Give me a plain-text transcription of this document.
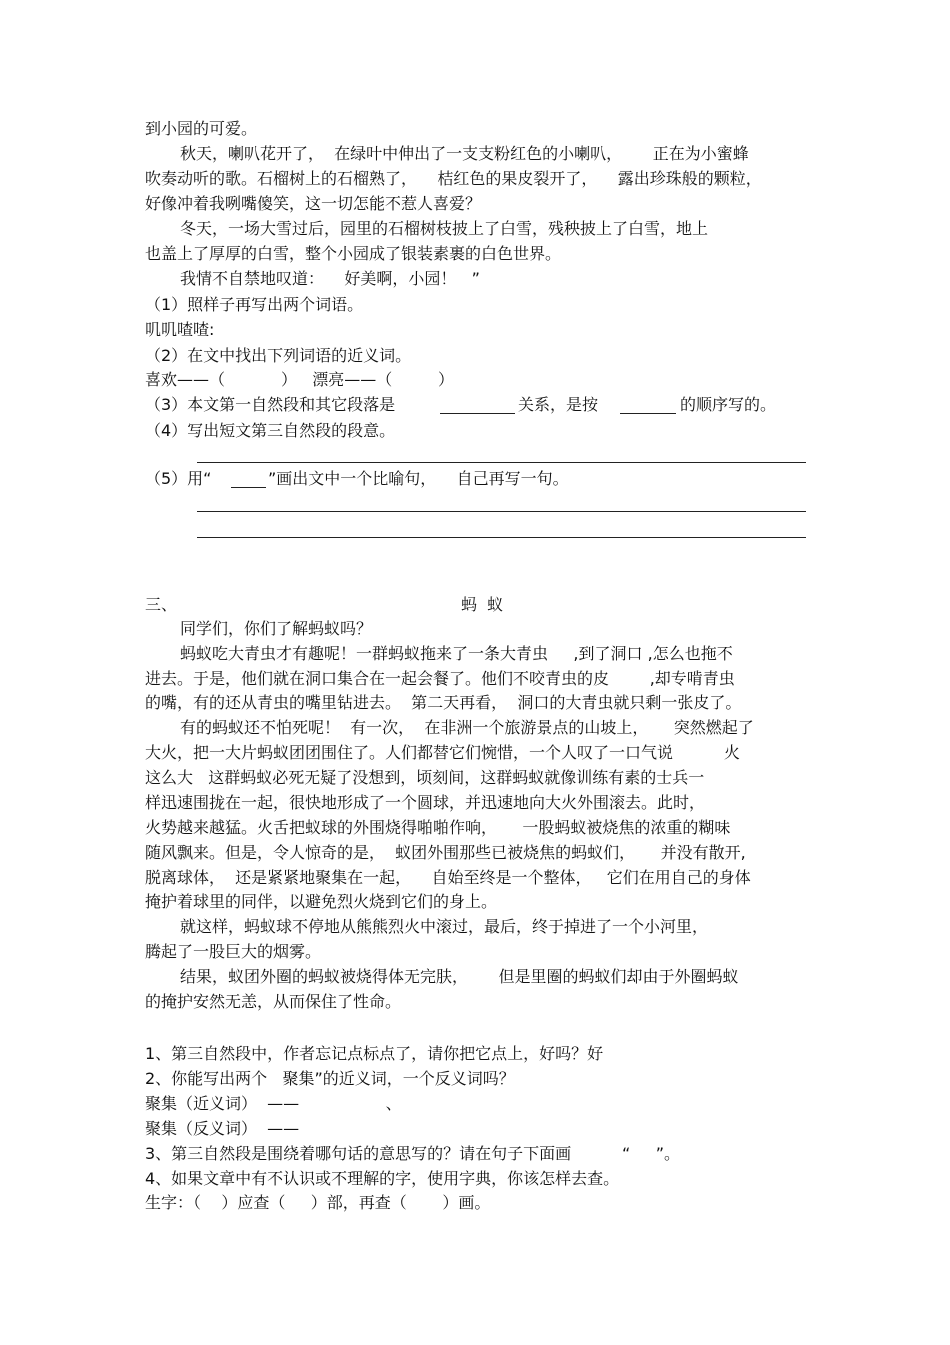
到小园的可爱。
秋天，喇叭花开了，  在绿叶中伸出了一支支粉红色的小喇叭，      正在为小蜜蜂
吹奏动听的歌。石榴树上的石榴熟了，    桔红色的果皮裂开了，    露出珍珠般的颗粒，
好像冲着我咧嘴傻笑，这一切怎能不惹人喜爱？
冬天，一场大雪过后，园里的石榴树枝披上了白雪，残秧披上了白雪，地上
也盖上了厚厚的白雪，整个小园成了银装素裹的白色世界。
我情不自禁地叹道：    好美啊，小园！   ”
（1）照样子再写出两个词语。
叽叽喳喳:
（2）在文中找出下列词语的近义词。
喜欢——（           ）   漂亮——（         ）
（3）本文第一自然段和其它段落是	关系，是按	的顺序写的。
（4）写出短文第三自然段的段意。
（5）用“	”画出文中一个比喻句，    自己再写一句。
三、	蚂  蚁
同学们，你们了解蚂蚁吗？
蚂蚁吃大青虫才有趣呢！一群蚂蚁拖来了一条大青虫     ,到了洞口 ,怎么也拖不
进去。于是，他们就在洞口集合在一起会餐了。他们不咬青虫的皮        ,却专啃青虫
的嘴，有的还从青虫的嘴里钻进去。  第二天再看，  洞口的大青虫就只剩一张皮了。
有的蚂蚁还不怕死呢！  有一次，  在非洲一个旅游景点的山坡上，     突然燃起了
大火，把一大片蚂蚁团团围住了。人们都替它们惋惜，一个人叹了一口气说          火
这么大   这群蚂蚁必死无疑了没想到，顷刻间，这群蚂蚁就像训练有素的士兵一
样迅速围拢在一起，很快地形成了一个圆球，并迅速地向大火外围滚去。此时，
火势越来越猛。火舌把蚁球的外围烧得啪啪作响，     一股蚂蚁被烧焦的浓重的糊味
随风飘来。但是，令人惊奇的是，  蚁团外围那些已被烧焦的蚂蚁们，     并没有散开,
脱离球体，  还是紧紧地聚集在一起，    自始至终是一个整体，   它们在用自己的身体
掩护着球里的同伴，以避免烈火烧到它们的身上。
就这样，蚂蚁球不停地从熊熊烈火中滚过，最后，终于掉进了一个小河里，
腾起了一股巨大的烟雾。
结果，蚁团外圈的蚂蚁被烧得体无完肤，      但是里圈的蚂蚁们却由于外圈蚂蚁
的掩护安然无恙，从而保住了性命。
1、第三自然段中，作者忘记点标点了，请你把它点上，好吗？好
2、你能写出两个   聚集”的近义词，一个反义词吗？
聚集（近义词）  ——                 、
聚集（反义词）  ——
3、第三自然段是围绕着哪句话的意思写的？请在句子下面画          “     ”。
4、如果文章中有不认识或不理解的字，使用字典，你该怎样去查。
生字：（    ）应查（     ）部，再查（       ）画。
